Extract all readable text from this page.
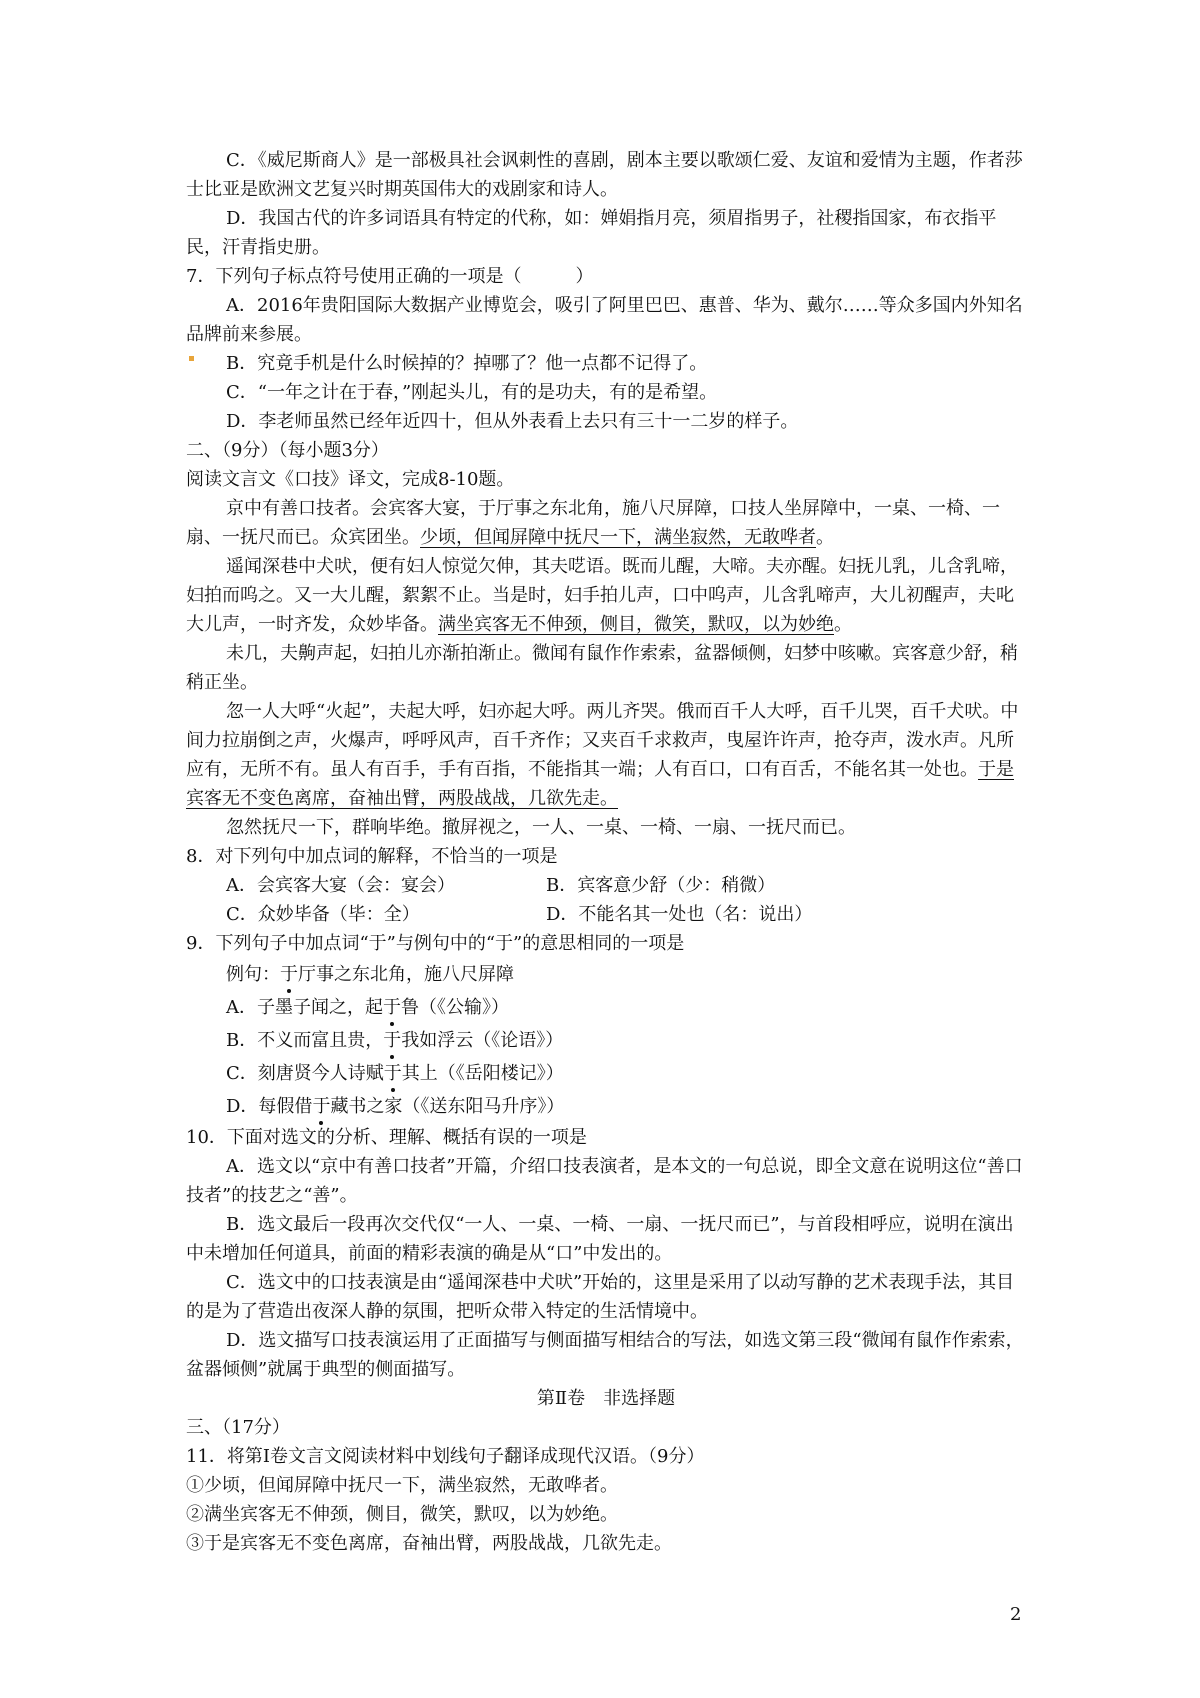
C．《威尼斯商人》是一部极具社会讽刺性的喜剧，剧本主要以歌颂仁爱、友谊和爱情为主题，作者莎士比亚是欧洲文艺复兴时期英国伟大的戏剧家和诗人。

D．我国古代的许多词语具有特定的代称，如：婵娟指月亮，须眉指男子，社稷指国家，布衣指平民，汗青指史册。

7．下列句子标点符号使用正确的一项是（　　　）

A．2016年贵阳国际大数据产业博览会，吸引了阿里巴巴、惠普、华为、戴尔……等众多国内外知名品牌前来参展。

B．究竟手机是什么时候掉的？掉哪了？他一点都不记得了。

C．“一年之计在于春，”刚起头儿，有的是功夫，有的是希望。

D．李老师虽然已经年近四十，但从外表看上去只有三十一二岁的样子。

二、（9分）（每小题3分）

阅读文言文《口技》译文，完成8-10题。

京中有善口技者。会宾客大宴，于厅事之东北角，施八尺屏障，口技人坐屏障中，一桌、一椅、一扇、一抚尺而已。众宾团坐。少顷，但闻屏障中抚尺一下，满坐寂然，无敢哗者。

遥闻深巷中犬吠，便有妇人惊觉欠伸，其夫呓语。既而儿醒，大啼。夫亦醒。妇抚儿乳，儿含乳啼，妇拍而呜之。又一大儿醒，絮絮不止。当是时，妇手拍儿声，口中呜声，儿含乳啼声，大儿初醒声，夫叱大儿声，一时齐发，众妙毕备。满坐宾客无不伸颈，侧目，微笑，默叹，以为妙绝。

未几，夫齁声起，妇拍儿亦渐拍渐止。微闻有鼠作作索索，盆器倾侧，妇梦中咳嗽。宾客意少舒，稍稍正坐。

忽一人大呼“火起”，夫起大呼，妇亦起大呼。两儿齐哭。俄而百千人大呼，百千儿哭，百千犬吠。中间力拉崩倒之声，火爆声，呼呼风声，百千齐作；又夹百千求救声，曳屋许许声，抢夺声，泼水声。凡所应有，无所不有。虽人有百手，手有百指，不能指其一端；人有百口，口有百舌，不能名其一处也。于是宾客无不变色离席，奋袖出臂，两股战战，几欲先走。

忽然抚尺一下，群响毕绝。撤屏视之，一人、一桌、一椅、一扇、一抚尺而已。

8．对下列句中加点词的解释，不恰当的一项是

A．会宾客大宴（会：宴会）	B．宾客意少舒（少：稍微）
C．众妙毕备（毕：全）	D．不能名其一处也（名：说出）

9．下列句子中加点词“于”与例句中的“于”的意思相同的一项是

例句：于厅事之东北角，施八尺屏障

A．子墨子闻之，起于鲁（《公输》）

B．不义而富且贵，于我如浮云（《论语》）

C．刻唐贤今人诗赋于其上（《岳阳楼记》）

D．每假借于藏书之家（《送东阳马升序》）

10．下面对选文的分析、理解、概括有误的一项是

A．选文以“京中有善口技者”开篇，介绍口技表演者，是本文的一句总说，即全文意在说明这位“善口技者”的技艺之“善”。

B．选文最后一段再次交代仅“一人、一桌、一椅、一扇、一抚尺而已”，与首段相呼应，说明在演出中未增加任何道具，前面的精彩表演的确是从“口”中发出的。

C．选文中的口技表演是由“遥闻深巷中犬吠”开始的，这里是采用了以动写静的艺术表现手法，其目的是为了营造出夜深人静的氛围，把听众带入特定的生活情境中。

D．选文描写口技表演运用了正面描写与侧面描写相结合的写法，如选文第三段“微闻有鼠作作索索，盆器倾侧”就属于典型的侧面描写。

第Ⅱ卷　非选择题

三、（17分）

11．将第Ⅰ卷文言文阅读材料中划线句子翻译成现代汉语。（9分）

①少顷，但闻屏障中抚尺一下，满坐寂然，无敢哗者。

②满坐宾客无不伸颈，侧目，微笑，默叹，以为妙绝。

③于是宾客无不变色离席，奋袖出臂，两股战战，几欲先走。

2
